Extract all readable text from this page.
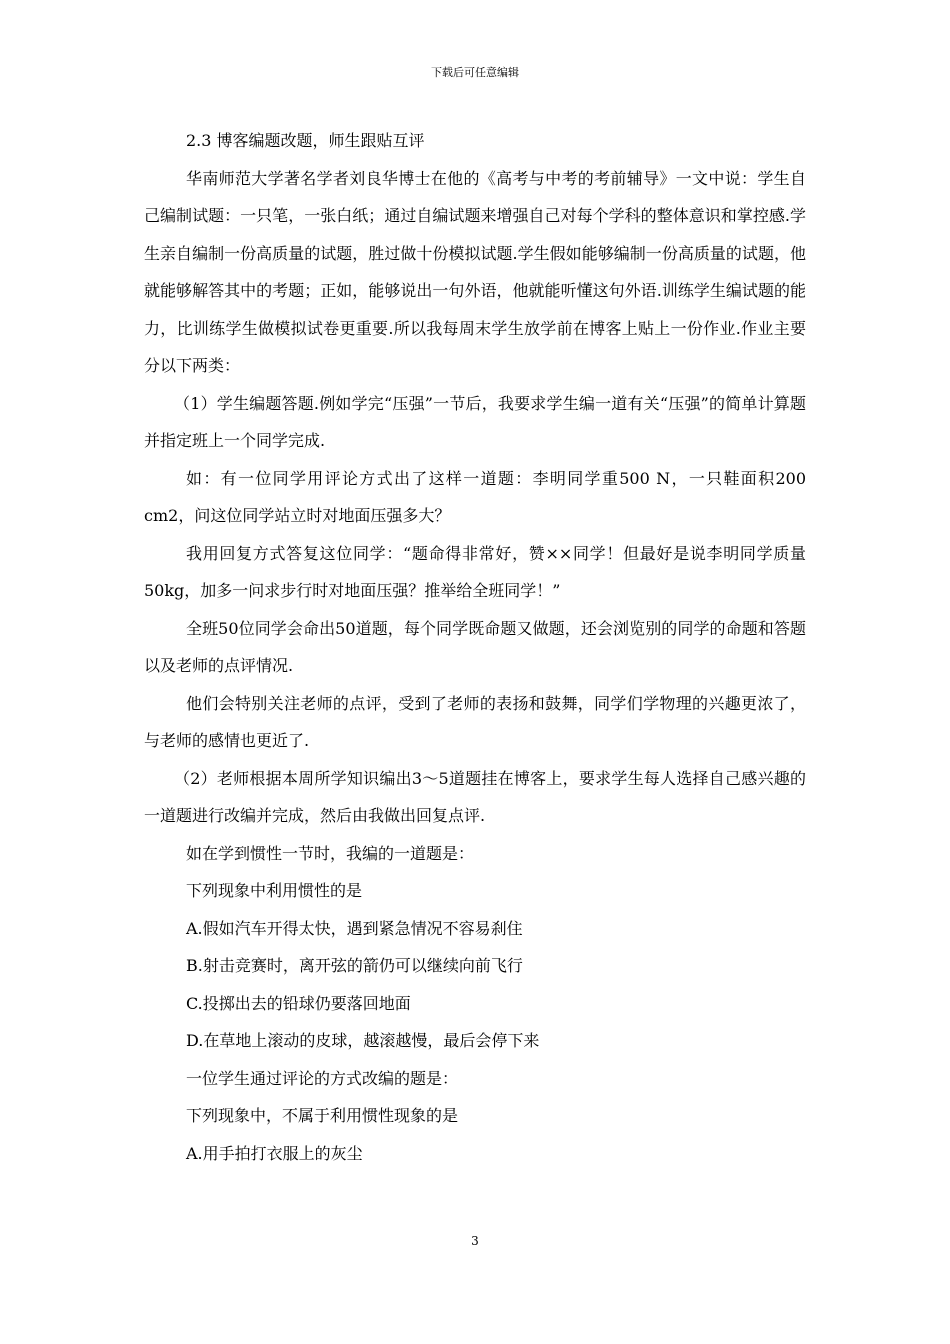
下载后可任意编辑

2.3 博客编题改题，师生跟贴互评

华南师范大学著名学者刘良华博士在他的《高考与中考的考前辅导》一文中说：学生自己编制试题：一只笔，一张白纸；通过自编试题来增强自己对每个学科的整体意识和掌控感.学生亲自编制一份高质量的试题，胜过做十份模拟试题.学生假如能够编制一份高质量的试题，他就能够解答其中的考题；正如，能够说出一句外语，他就能听懂这句外语.训练学生编试题的能力，比训练学生做模拟试卷更重要.所以我每周末学生放学前在博客上贴上一份作业.作业主要分以下两类：

（1）学生编题答题.例如学完“压强”一节后，我要求学生编一道有关“压强”的简单计算题并指定班上一个同学完成.

如：有一位同学用评论方式出了这样一道题：李明同学重500 N，一只鞋面积200 cm2，问这位同学站立时对地面压强多大？

我用回复方式答复这位同学：“题命得非常好，赞××同学！但最好是说李明同学质量50kg，加多一问求步行时对地面压强？推举给全班同学！”

全班50位同学会命出50道题，每个同学既命题又做题，还会浏览别的同学的命题和答题以及老师的点评情况.

他们会特别关注老师的点评，受到了老师的表扬和鼓舞，同学们学物理的兴趣更浓了，与老师的感情也更近了.

（2）老师根据本周所学知识编出3～5道题挂在博客上，要求学生每人选择自己感兴趣的一道题进行改编并完成，然后由我做出回复点评.

如在学到惯性一节时，我编的一道题是：

下列现象中利用惯性的是

A.假如汽车开得太快，遇到紧急情况不容易刹住

B.射击竞赛时，离开弦的箭仍可以继续向前飞行

C.投掷出去的铅球仍要落回地面

D.在草地上滚动的皮球，越滚越慢，最后会停下来

一位学生通过评论的方式改编的题是：

下列现象中，不属于利用惯性现象的是

A.用手拍打衣服上的灰尘

3
